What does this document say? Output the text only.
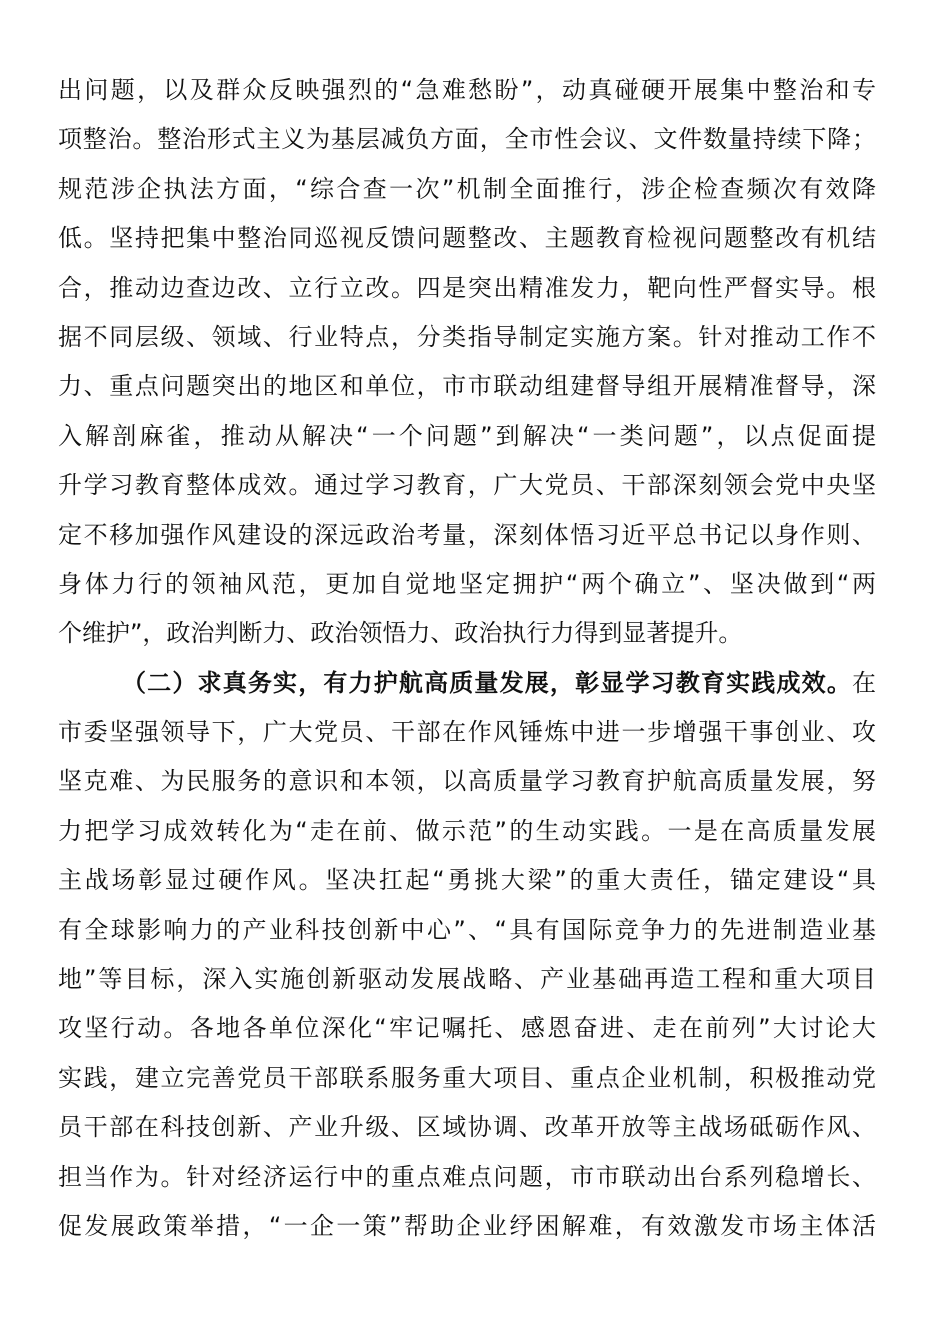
出问题，以及群众反映强烈的“急难愁盼”，动真碰硬开展集中整治和专
项整治。整治形式主义为基层减负方面，全市性会议、文件数量持续下降；
规范涉企执法方面，“综合查一次”机制全面推行，涉企检查频次有效降
低。坚持把集中整治同巡视反馈问题整改、主题教育检视问题整改有机结
合，推动边查边改、立行立改。四是突出精准发力，靶向性严督实导。根
据不同层级、领域、行业特点，分类指导制定实施方案。针对推动工作不
力、重点问题突出的地区和单位，市市联动组建督导组开展精准督导，深
入解剖麻雀，推动从解决“一个问题”到解决“一类问题”，以点促面提
升学习教育整体成效。通过学习教育，广大党员、干部深刻领会党中央坚
定不移加强作风建设的深远政治考量，深刻体悟习近平总书记以身作则、
身体力行的领袖风范，更加自觉地坚定拥护“两个确立”、坚决做到“两
个维护”，政治判断力、政治领悟力、政治执行力得到显著提升。
（二）求真务实，有力护航高质量发展，彰显学习教育实践成效。在
市委坚强领导下，广大党员、干部在作风锤炼中进一步增强干事创业、攻
坚克难、为民服务的意识和本领，以高质量学习教育护航高质量发展，努
力把学习成效转化为“走在前、做示范”的生动实践。一是在高质量发展
主战场彰显过硬作风。坚决扛起“勇挑大梁”的重大责任，锚定建设“具
有全球影响力的产业科技创新中心”、“具有国际竞争力的先进制造业基
地”等目标，深入实施创新驱动发展战略、产业基础再造工程和重大项目
攻坚行动。各地各单位深化“牢记嘱托、感恩奋进、走在前列”大讨论大
实践，建立完善党员干部联系服务重大项目、重点企业机制，积极推动党
员干部在科技创新、产业升级、区域协调、改革开放等主战场砥砺作风、
担当作为。针对经济运行中的重点难点问题，市市联动出台系列稳增长、
促发展政策举措，“一企一策”帮助企业纾困解难，有效激发市场主体活
